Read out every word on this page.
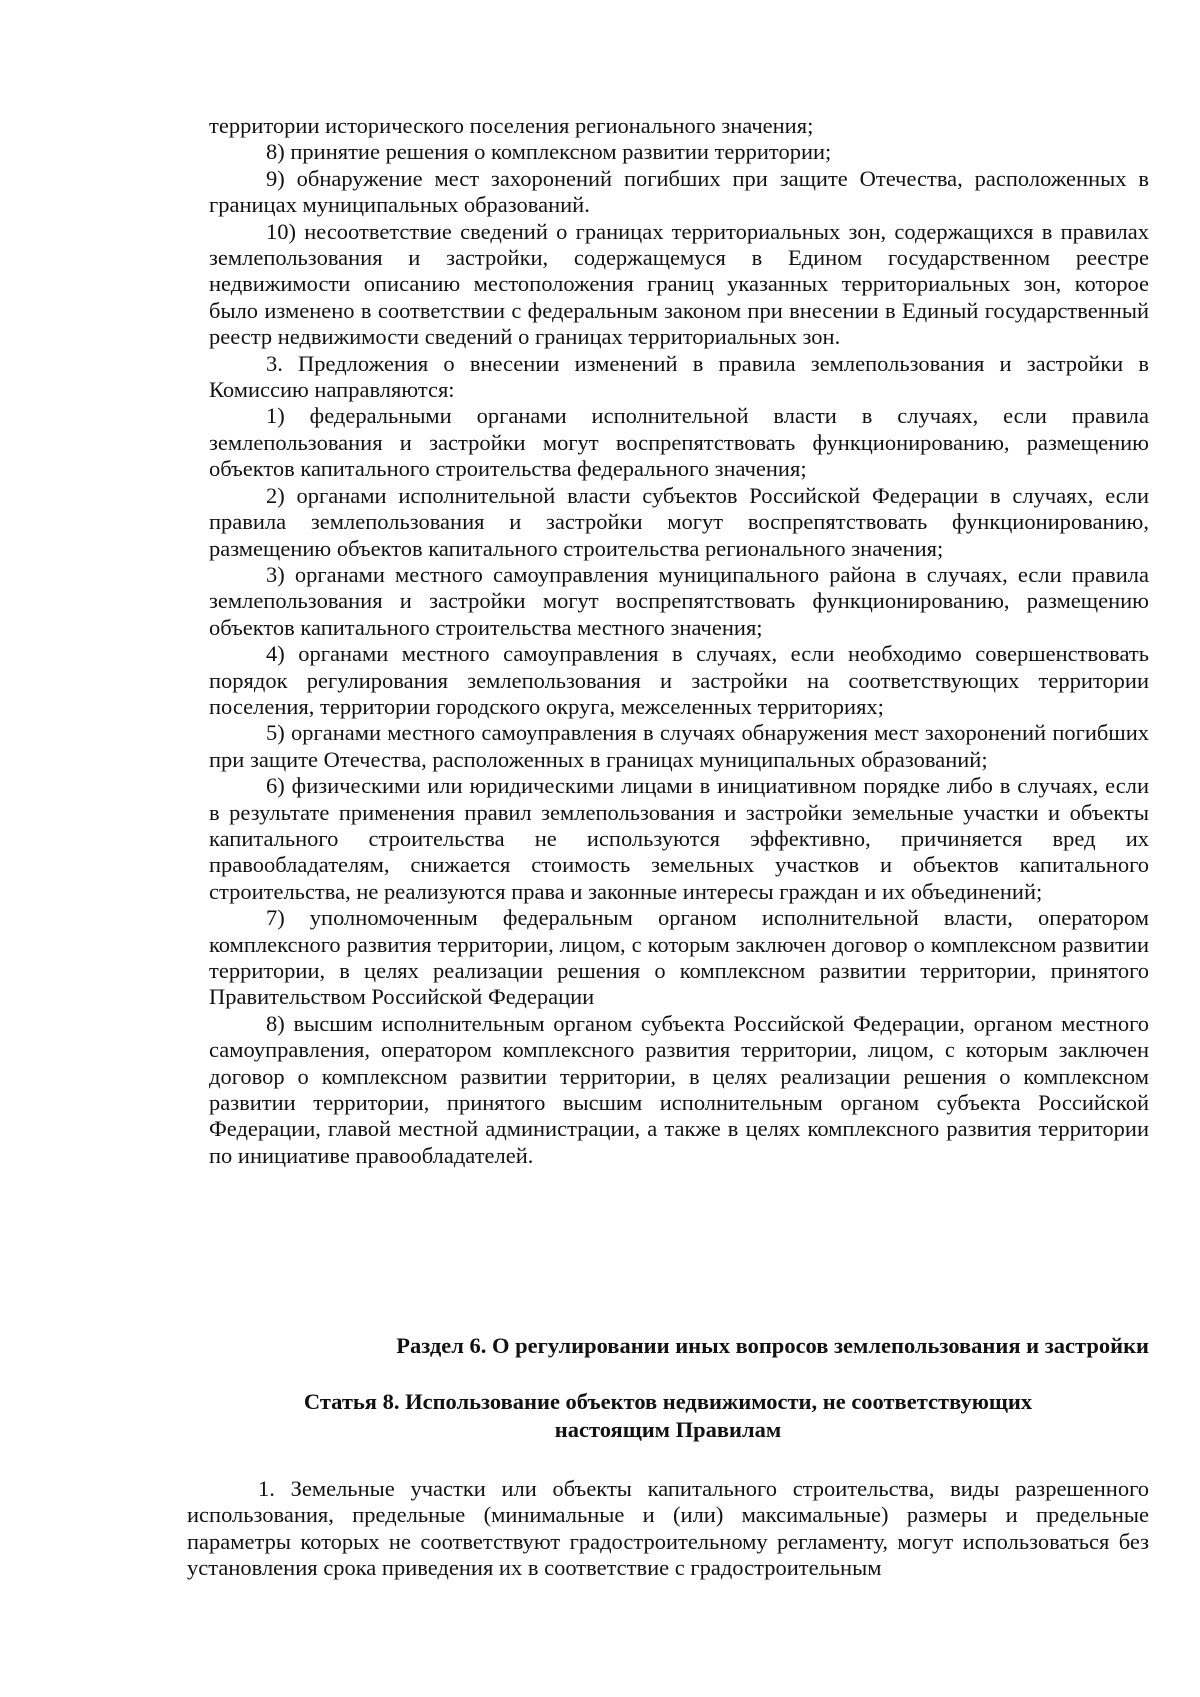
территории исторического поселения регионального значения;

8) принятие решения о комплексном развитии территории;

9) обнаружение мест захоронений погибших при защите Отечества, расположенных в границах муниципальных образований.

10) несоответствие сведений о границах территориальных зон, содержащихся в правилах землепользования и застройки, содержащемуся в Едином государственном реестре недвижимости описанию местоположения границ указанных территориальных зон, которое было изменено в соответствии с федеральным законом при внесении в Единый государственный реестр недвижимости сведений о границах территориальных зон.

3. Предложения о внесении изменений в правила землепользования и застройки в Комиссию направляются:

1) федеральными органами исполнительной власти в случаях, если правила землепользования и застройки могут воспрепятствовать функционированию, размещению объектов капитального строительства федерального значения;

2) органами исполнительной власти субъектов Российской Федерации в случаях, если правила землепользования и застройки могут воспрепятствовать функционированию, размещению объектов капитального строительства регионального значения;

3) органами местного самоуправления муниципального района в случаях, если правила землепользования и застройки могут воспрепятствовать функционированию, размещению объектов капитального строительства местного значения;

4) органами местного самоуправления в случаях, если необходимо совершенствовать порядок регулирования землепользования и застройки на соответствующих территории поселения, территории городского округа, межселенных территориях;

5) органами местного самоуправления в случаях обнаружения мест захоронений погибших при защите Отечества, расположенных в границах муниципальных образований;

6) физическими или юридическими лицами в инициативном порядке либо в случаях, если в результате применения правил землепользования и застройки земельные участки и объекты капитального строительства не используются эффективно, причиняется вред их правообладателям, снижается стоимость земельных участков и объектов капитального строительства, не реализуются права и законные интересы граждан и их объединений;

7) уполномоченным федеральным органом исполнительной власти, оператором комплексного развития территории, лицом, с которым заключен договор о комплексном развитии территории, в целях реализации решения о комплексном развитии территории, принятого Правительством Российской Федерации

8) высшим исполнительным органом субъекта Российской Федерации, органом местного самоуправления, оператором комплексного развития территории, лицом, с которым заключен договор о комплексном развитии территории, в целях реализации решения о комплексном развитии территории, принятого высшим исполнительным органом субъекта Российской Федерации, главой местной администрации, а также в целях комплексного развития территории по инициативе правообладателей.

Раздел 6. О регулировании иных вопросов землепользования и застройки
Статья 8. Использование объектов недвижимости, не соответствующих
настоящим Правилам

1. Земельные участки или объекты капитального строительства, виды разрешенного использования, предельные (минимальные и (или) максимальные) размеры и предельные параметры которых не соответствуют градостроительному регламенту, могут использоваться без установления срока приведения их в соответствие с градостроительным
